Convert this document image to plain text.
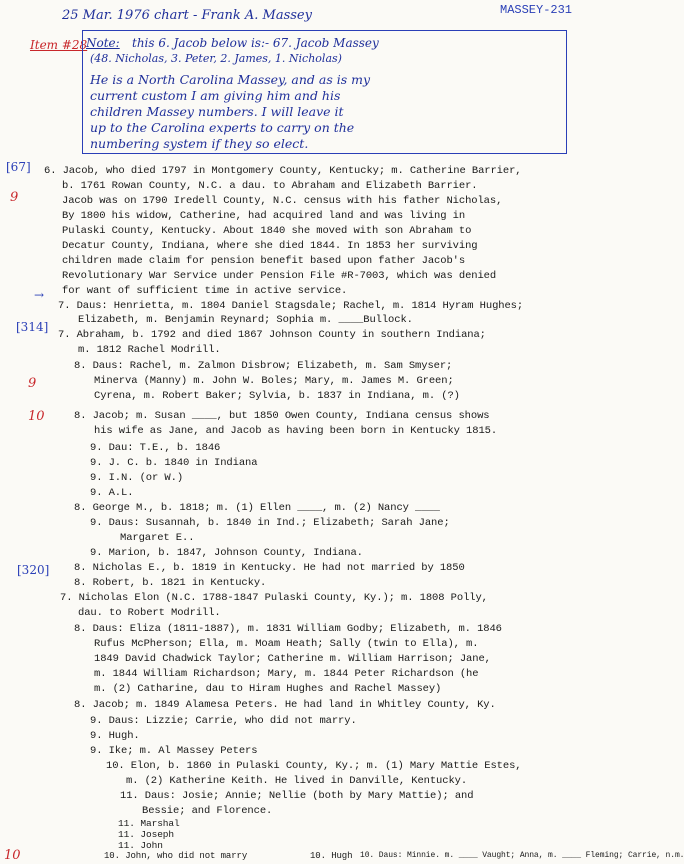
25 Mar. 1976 chart - Frank A. Massey	MASSEY-231
Item #28
Note: this 6. Jacob below is:- 67. Jacob Massey
(48. Nicholas, 3. Peter, 2. James, 1. Nicholas)
He is a North Carolina Massey, and as is my
current custom I am giving him and his
children Massey numbers. I will leave it
up to the Carolina experts to carry on the
numbering system if they so elect.
[67]
9
→
[314]
9
10
[320]
10
6. Jacob, who died 1797 in Montgomery County, Kentucky; m. Catherine Barrier,
b. 1761 Rowan County, N.C. a dau. to Abraham and Elizabeth Barrier.
Jacob was on 1790 Iredell County, N.C. census with his father Nicholas,
By 1800 his widow, Catherine, had acquired land and was living in
Pulaski County, Kentucky. About 1840 she moved with son Abraham to
Decatur County, Indiana, where she died 1844. In 1853 her surviving
children made claim for pension benefit based upon father Jacob's
Revolutionary War Service under Pension File #R-7003, which was denied
for want of sufficient time in active service.
7. Daus: Henrietta, m. 1804 Daniel Stagsdale; Rachel, m. 1814 Hyram Hughes;
Elizabeth, m. Benjamin Reynard; Sophia m. ____Bullock.
7. Abraham, b. 1792 and died 1867 Johnson County in southern Indiana;
m. 1812 Rachel Modrill.
8. Daus: Rachel, m. Zalmon Disbrow; Elizabeth, m. Sam Smyser;
Minerva (Manny) m. John W. Boles; Mary, m. James M. Green;
Cyrena, m. Robert Baker; Sylvia, b. 1837 in Indiana, m. (?)
8. Jacob; m. Susan ____, but 1850 Owen County, Indiana census shows
his wife as Jane, and Jacob as having been born in Kentucky 1815.
9. Dau: T.E., b. 1846
9. J. C. b. 1840 in Indiana
9. I.N. (or W.)
9. A.L.
8. George M., b. 1818; m. (1) Ellen ____, m. (2) Nancy ____
9. Daus: Susannah, b. 1840 in Ind.; Elizabeth; Sarah Jane;
Margaret E..
9. Marion, b. 1847, Johnson County, Indiana.
8. Nicholas E., b. 1819 in Kentucky. He had not married by 1850
8. Robert, b. 1821 in Kentucky.
7. Nicholas Elon (N.C. 1788-1847 Pulaski County, Ky.); m. 1808 Polly,
dau. to Robert Modrill.
8. Daus: Eliza (1811-1887), m. 1831 William Godby; Elizabeth, m. 1846
Rufus McPherson; Ella, m. Moam Heath; Sally (twin to Ella), m.
1849 David Chadwick Taylor; Catherine m. William Harrison; Jane,
m. 1844 William Richardson; Mary, m. 1844 Peter Richardson (he
m. (2) Catharine, dau to Hiram Hughes and Rachel Massey)
8. Jacob; m. 1849 Alamesa Peters. He had land in Whitley County, Ky.
9. Daus: Lizzie; Carrie, who did not marry.
9. Hugh.
9. Ike; m. Al Massey Peters
10. Elon, b. 1860 in Pulaski County, Ky.; m. (1) Mary Mattie Estes,
m. (2) Katherine Keith. He lived in Danville, Kentucky.
11. Daus: Josie; Annie; Nellie (both by Mary Mattie); and
Bessie; and Florence.
11. Marshal
11. Joseph
11. John
10. John, who did not marry	10. Hugh 10. Daus: Minnie. m. ____ Vaught; Anna, m. ____ Fleming; Carrie, n.m.
